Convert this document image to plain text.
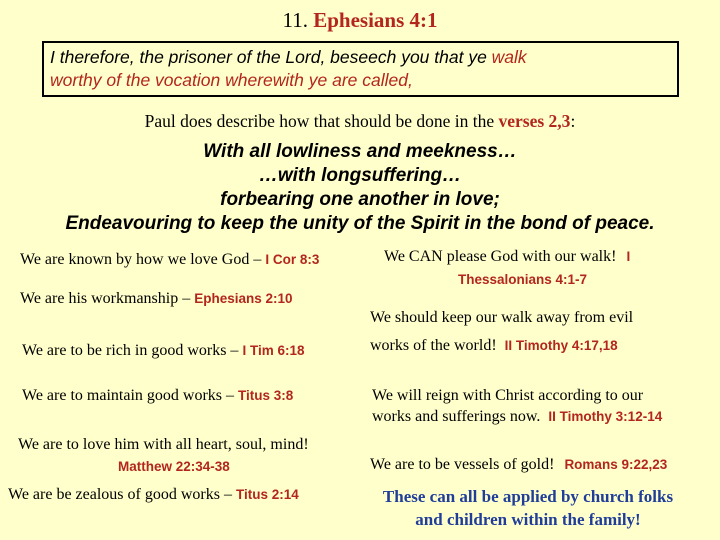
11. Ephesians 4:1
I therefore, the prisoner of the Lord, beseech you that ye walk
worthy of the vocation wherewith ye are called,
Paul does describe how that should be done in the verses 2,3:
With all lowliness and meekness…
…with longsuffering…
forbearing one another in love;
Endeavouring to keep the unity of the Spirit in the bond of peace.
We are known by how we love God – I Cor 8:3
We are his workmanship – Ephesians 2:10
We are to be rich in good works – I Tim 6:18
We are to maintain good works – Titus 3:8
We are to love him with all heart, soul, mind!
Matthew 22:34-38
We are be zealous of good works – Titus 2:14
We CAN please God with our walk! I
Thessalonians 4:1-7
We should keep our walk away from evil
works of the world! II Timothy 4:17,18
We will reign with Christ according to our
works and sufferings now. II Timothy 3:12-14
We are to be vessels of gold! Romans 9:22,23
These can all be applied by church folks
and children within the family!
